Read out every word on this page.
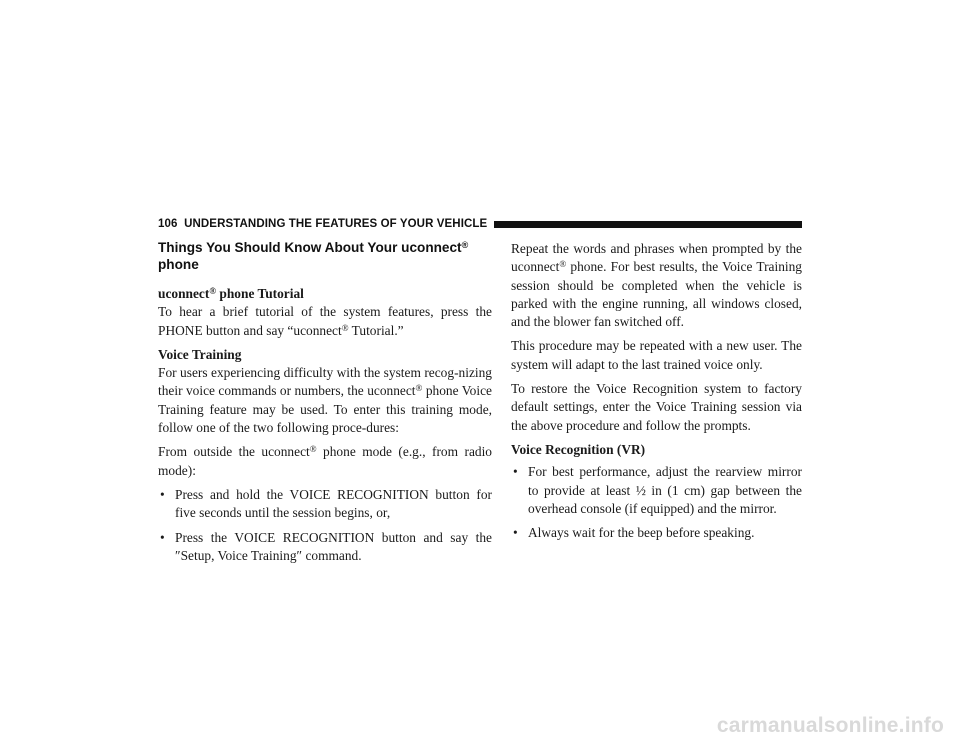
106 UNDERSTANDING THE FEATURES OF YOUR VEHICLE
Things You Should Know About Your uconnect®
phone
uconnect® phone Tutorial

To hear a brief tutorial of the system features, press the PHONE button and say “uconnect® Tutorial.”

Voice Training

For users experiencing difficulty with the system recog-nizing their voice commands or numbers, the uconnect® phone Voice Training feature may be used. To enter this training mode, follow one of the two following proce-dures:

From outside the uconnect® phone mode (e.g., from radio mode):

• Press and hold the VOICE RECOGNITION button for five seconds until the session begins, or,
• Press the VOICE RECOGNITION button and say the ″Setup, Voice Training″ command.

Repeat the words and phrases when prompted by the uconnect® phone. For best results, the Voice Training session should be completed when the vehicle is parked with the engine running, all windows closed, and the blower fan switched off.

This procedure may be repeated with a new user. The system will adapt to the last trained voice only.

To restore the Voice Recognition system to factory default settings, enter the Voice Training session via the above procedure and follow the prompts.

Voice Recognition (VR)
• For best performance, adjust the rearview mirror to provide at least ½ in (1 cm) gap between the overhead console (if equipped) and the mirror.
• Always wait for the beep before speaking.
carmanualsonline.info
